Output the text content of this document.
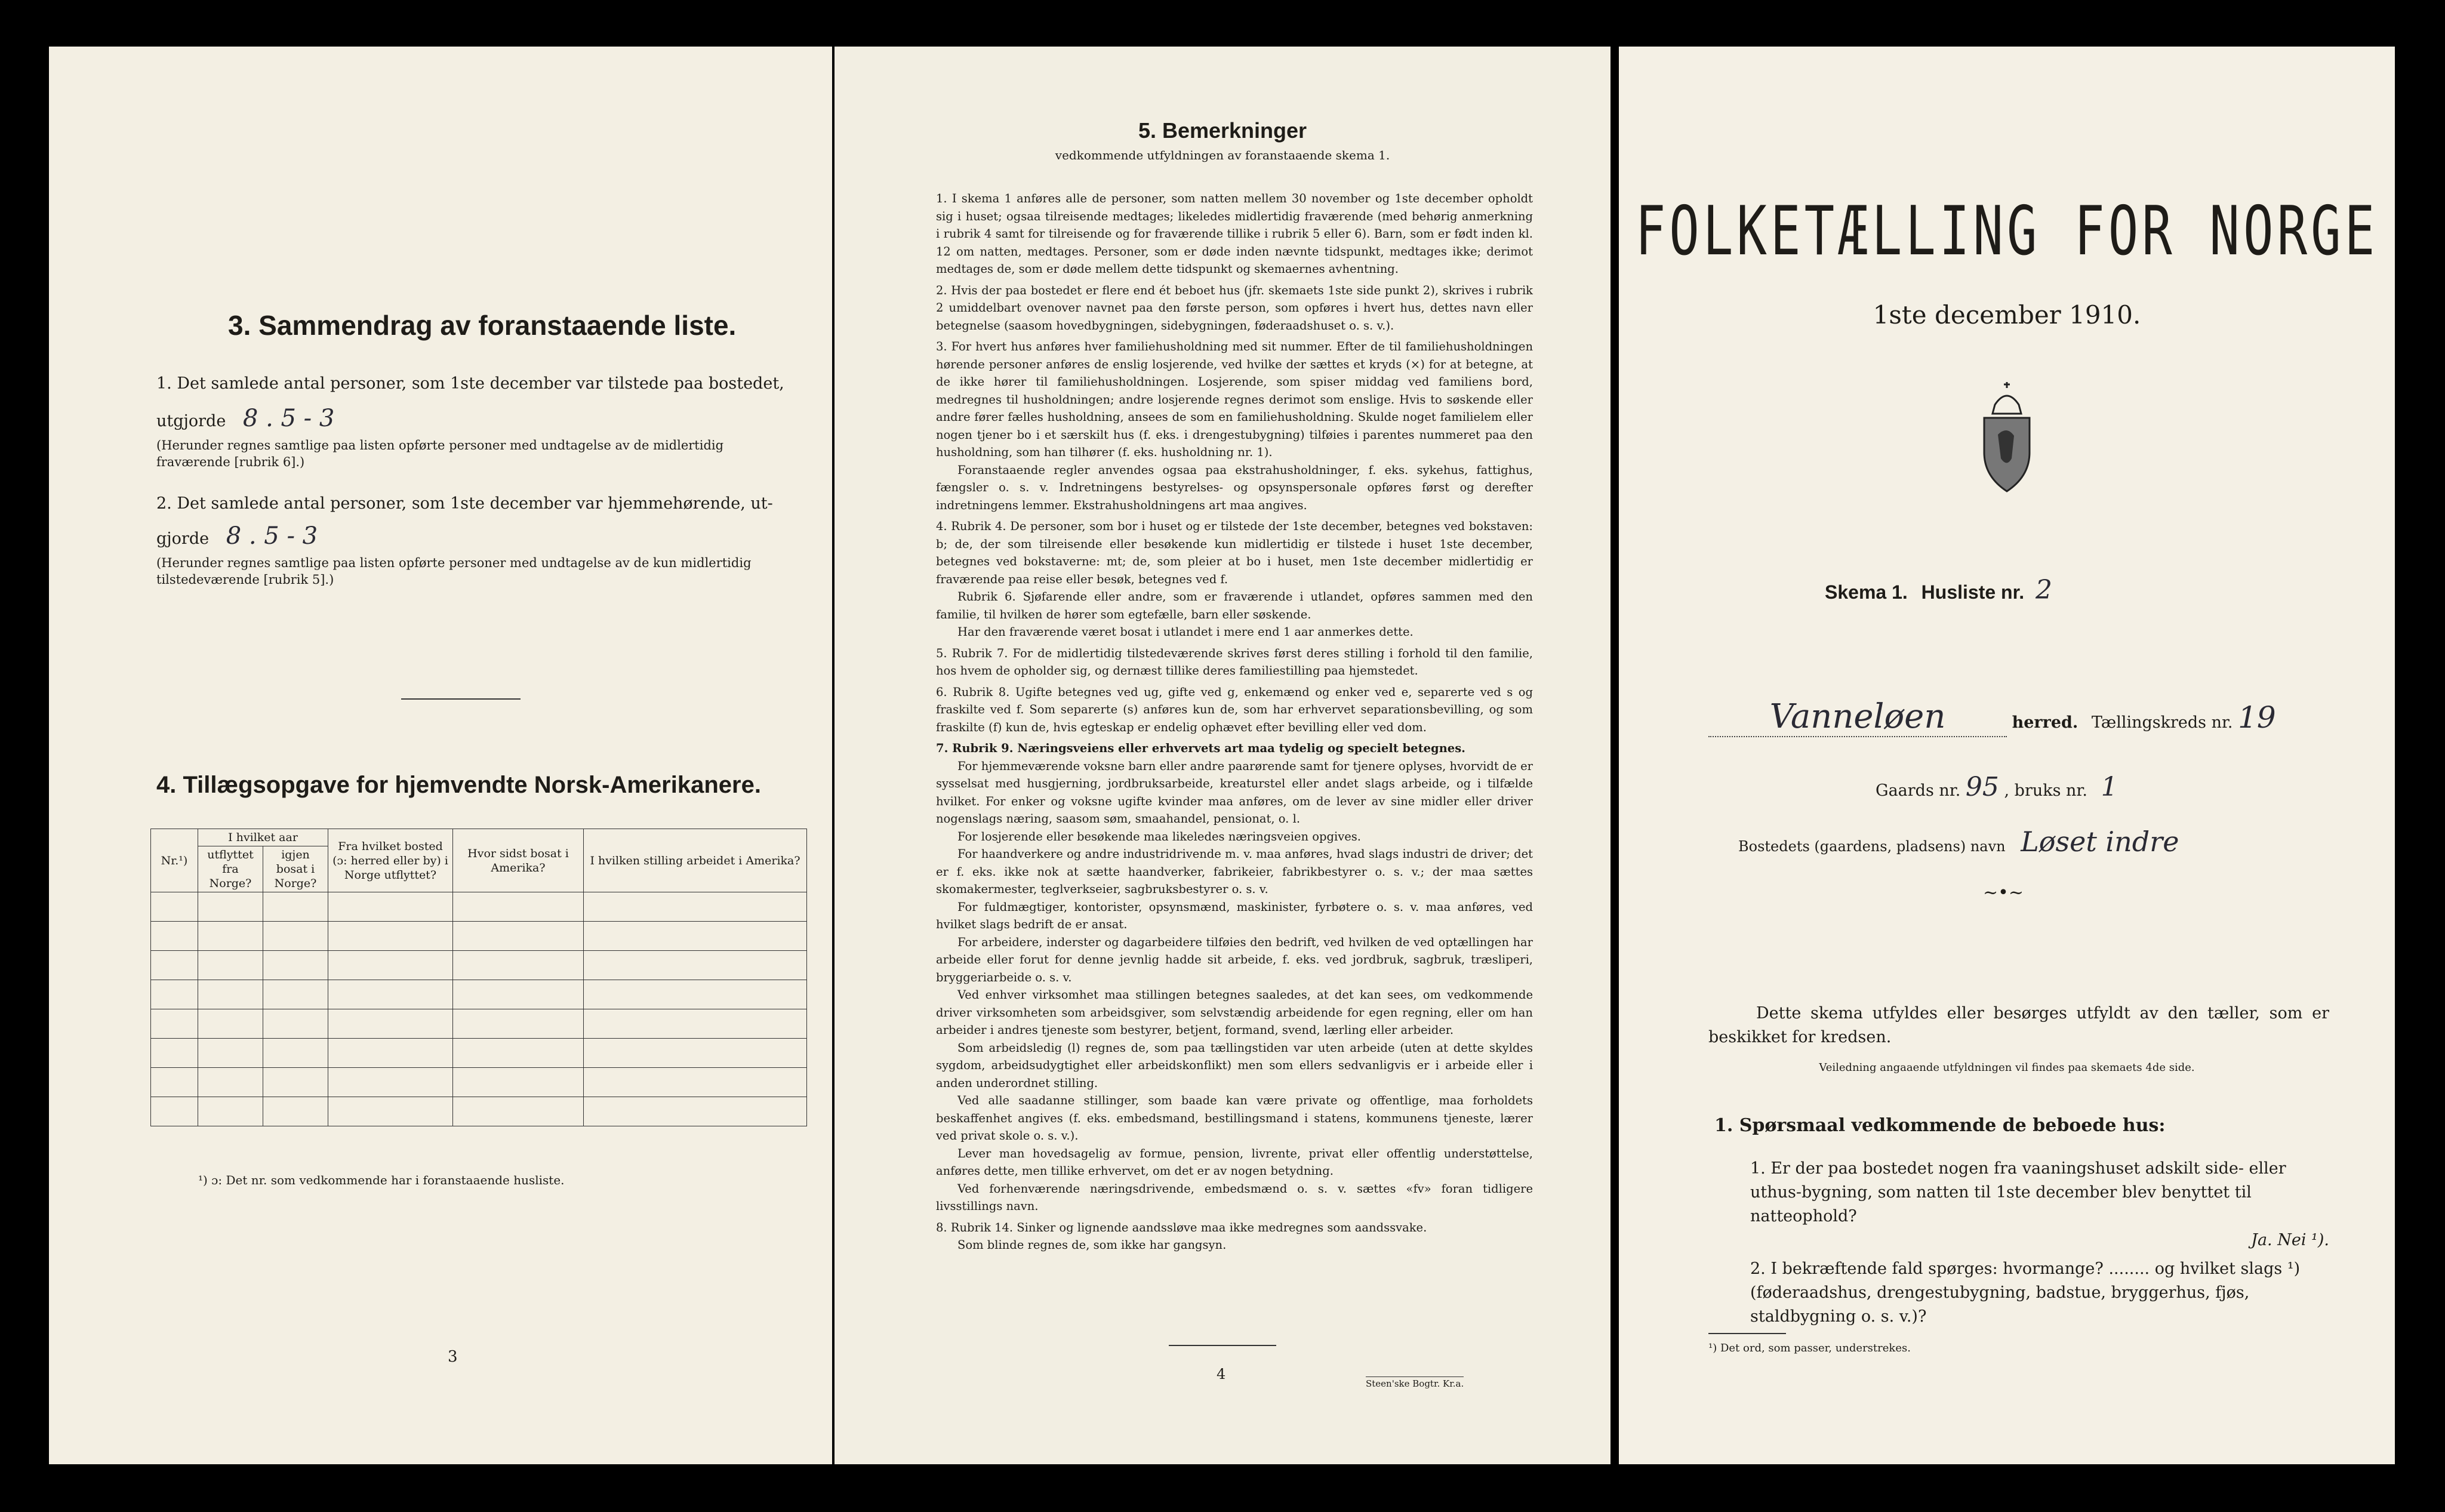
3. Sammendrag av foranstaaende liste.
1. Det samlede antal personer, som 1ste december var tilstede paa bostedet,
utgjorde 8 . 5 - 3
(Herunder regnes samtlige paa listen opførte personer med undtagelse av de midlertidig fraværende [rubrik 6].)
2. Det samlede antal personer, som 1ste december var hjemmehørende, ut-
gjorde 8 . 5 - 3
(Herunder regnes samtlige paa listen opførte personer med undtagelse av de kun midlertidig tilstedeværende [rubrik 5].)
4. Tillægsopgave for hjemvendte Norsk-Amerikanere.
Nr.¹)	I hvilket aar		Fra hvilket bosted (ɔ: herred eller by) i Norge utflyttet?	Hvor sidst bosat i Amerika?	I hvilken stilling arbeidet i Amerika?
	utflyttet fra Norge?	igjen bosat i Norge?			

¹) ɔ: Det nr. som vedkommende har i foranstaaende husliste.
3
5. Bemerkninger
vedkommende utfyldningen av foranstaaende skema 1.

1. I skema 1 anføres alle de personer, som natten mellem 30 november og 1ste december opholdt sig i huset; ogsaa tilreisende medtages; likeledes midlertidig fraværende (med behørig anmerkning i rubrik 4 samt for tilreisende og for fraværende tillike i rubrik 5 eller 6). Barn, som er født inden kl. 12 om natten, medtages. Personer, som er døde inden nævnte tidspunkt, medtages ikke; derimot medtages de, som er døde mellem dette tidspunkt og skemaernes avhentning.

2. Hvis der paa bostedet er flere end ét beboet hus (jfr. skemaets 1ste side punkt 2), skrives i rubrik 2 umiddelbart ovenover navnet paa den første person, som opføres i hvert hus, dettes navn eller betegnelse (saasom hovedbygningen, sidebygningen, føderaadshuset o. s. v.).

3. For hvert hus anføres hver familiehusholdning med sit nummer. Efter de til familiehusholdningen hørende personer anføres de enslig losjerende, ved hvilke der sættes et kryds (×) for at betegne, at de ikke hører til familiehusholdningen. Losjerende, som spiser middag ved familiens bord, medregnes til husholdningen; andre losjerende regnes derimot som enslige. Hvis to søskende eller andre fører fælles husholdning, ansees de som en familiehusholdning. Skulde noget familielem eller nogen tjener bo i et særskilt hus (f. eks. i drengestubygning) tilføies i parentes nummeret paa den husholdning, som han tilhører (f. eks. husholdning nr. 1).

Foranstaaende regler anvendes ogsaa paa ekstrahusholdninger, f. eks. sykehus, fattighus, fængsler o. s. v. Indretningens bestyrelses- og opsynspersonale opføres først og derefter indretningens lemmer. Ekstrahusholdningens art maa angives.

4. Rubrik 4. De personer, som bor i huset og er tilstede der 1ste december, betegnes ved bokstaven: b; de, der som tilreisende eller besøkende kun midlertidig er tilstede i huset 1ste december, betegnes ved bokstaverne: mt; de, som pleier at bo i huset, men 1ste december midlertidig er fraværende paa reise eller besøk, betegnes ved f.

Rubrik 6. Sjøfarende eller andre, som er fraværende i utlandet, opføres sammen med den familie, til hvilken de hører som egtefælle, barn eller søskende.

Har den fraværende været bosat i utlandet i mere end 1 aar anmerkes dette.

5. Rubrik 7. For de midlertidig tilstedeværende skrives først deres stilling i forhold til den familie, hos hvem de opholder sig, og dernæst tillike deres familiestilling paa hjemstedet.

6. Rubrik 8. Ugifte betegnes ved ug, gifte ved g, enkemænd og enker ved e, separerte ved s og fraskilte ved f. Som separerte (s) anføres kun de, som har erhvervet separationsbevilling, og som fraskilte (f) kun de, hvis egteskap er endelig ophævet efter bevilling eller ved dom.

7. Rubrik 9. Næringsveiens eller erhvervets art maa tydelig og specielt betegnes.

For hjemmeværende voksne barn eller andre paarørende samt for tjenere oplyses, hvorvidt de er sysselsat med husgjerning, jordbruksarbeide, kreaturstel eller andet slags arbeide, og i tilfælde hvilket. For enker og voksne ugifte kvinder maa anføres, om de lever av sine midler eller driver nogenslags næring, saasom søm, smaahandel, pensionat, o. l.

For losjerende eller besøkende maa likeledes næringsveien opgives.

For haandverkere og andre industridrivende m. v. maa anføres, hvad slags industri de driver; det er f. eks. ikke nok at sætte haandverker, fabrikeier, fabrikbestyrer o. s. v.; der maa sættes skomakermester, teglverkseier, sagbruksbestyrer o. s. v.

For fuldmægtiger, kontorister, opsynsmænd, maskinister, fyrbøtere o. s. v. maa anføres, ved hvilket slags bedrift de er ansat.

For arbeidere, inderster og dagarbeidere tilføies den bedrift, ved hvilken de ved optællingen har arbeide eller forut for denne jevnlig hadde sit arbeide, f. eks. ved jordbruk, sagbruk, træsliperi, bryggeriarbeide o. s. v.

Ved enhver virksomhet maa stillingen betegnes saaledes, at det kan sees, om vedkommende driver virksomheten som arbeidsgiver, som selvstændig arbeidende for egen regning, eller om han arbeider i andres tjeneste som bestyrer, betjent, formand, svend, lærling eller arbeider.

Som arbeidsledig (l) regnes de, som paa tællingstiden var uten arbeide (uten at dette skyldes sygdom, arbeidsudygtighet eller arbeidskonflikt) men som ellers sedvanligvis er i arbeide eller i anden underordnet stilling.

Ved alle saadanne stillinger, som baade kan være private og offentlige, maa forholdets beskaffenhet angives (f. eks. embedsmand, bestillingsmand i statens, kommunens tjeneste, lærer ved privat skole o. s. v.).

Lever man hovedsagelig av formue, pension, livrente, privat eller offentlig understøttelse, anføres dette, men tillike erhvervet, om det er av nogen betydning.

Ved forhenværende næringsdrivende, embedsmænd o. s. v. sættes «fv» foran tidligere livsstillings navn.

8. Rubrik 14. Sinker og lignende aandssløve maa ikke medregnes som aandssvake.

Som blinde regnes de, som ikke har gangsyn.

4
Steen'ske Bogtr. Kr.a.
FOLKETÆLLING FOR NORGE
1ste december 1910.
Skema 1. Husliste nr. 2
Vanneløen	herred. Tællingskreds nr. 19
Gaards nr. 95 , bruks nr. 1
Bostedets (gaardens, pladsens) navn Løset indre
~•~
Dette skema utfyldes eller besørges utfyldt av den tæller, som er beskikket for kredsen.
Veiledning angaaende utfyldningen vil findes paa skemaets 4de side.
1. Spørsmaal vedkommende de beboede hus:
1. Er der paa bostedet nogen fra vaaningshuset adskilt side- eller uthus-bygning, som natten til 1ste december blev benyttet til natteophold?
Ja. Nei ¹).
2. I bekræftende fald spørges: hvormange? ........ og hvilket slags ¹) (føderaadshus, drengestubygning, badstue, bryggerhus, fjøs, staldbygning o. s. v.)?
¹) Det ord, som passer, understrekes.
